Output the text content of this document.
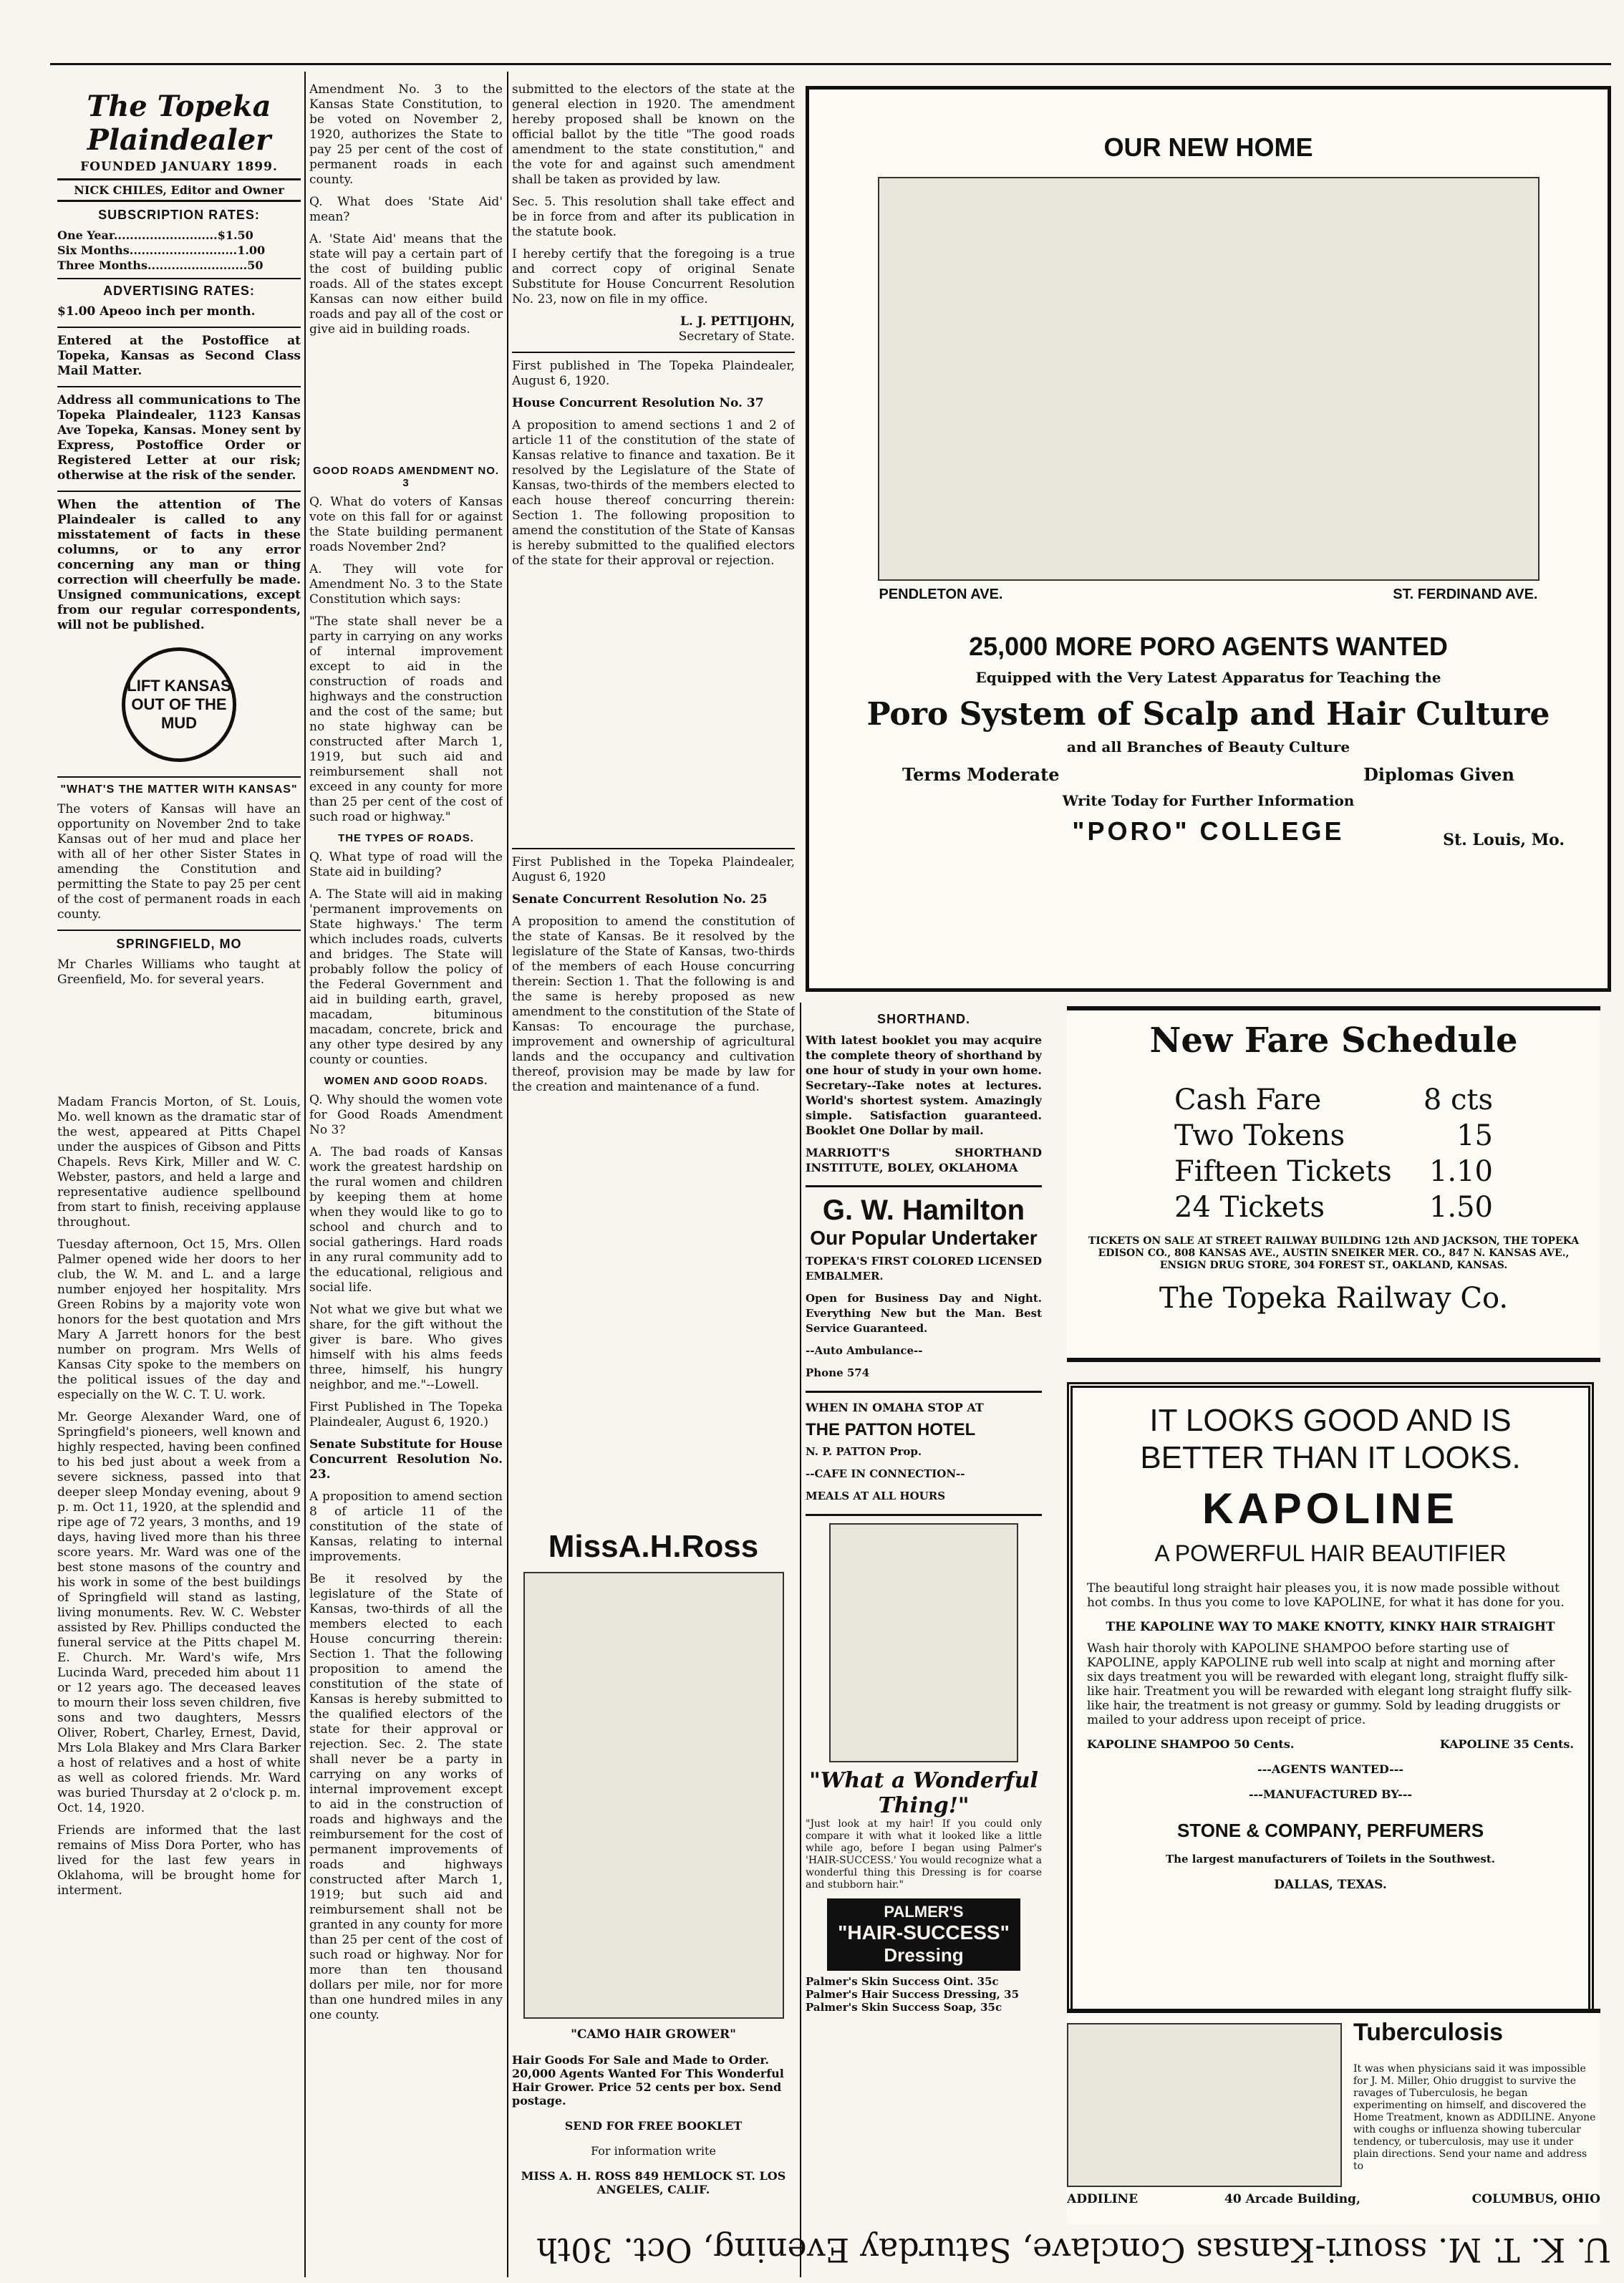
The Topeka Plaindealer
FOUNDED JANUARY 1899.
NICK CHILES, Editor and Owner
SUBSCRIPTION RATES:
One Year..........................$1.50
Six Months...........................1.00
Three Months.........................50
ADVERTISING RATES:

$1.00 Apeoo inch per month.

Entered at the Postoffice at Topeka, Kansas as Second Class Mail Matter.

Address all communications to The Topeka Plaindealer, 1123 Kansas Ave Topeka, Kansas. Money sent by Express, Postoffice Order or Registered Letter at our risk; otherwise at the risk of the sender.

When the attention of The Plaindealer is called to any misstatement of facts in these columns, or to any error concerning any man or thing correction will cheerfully be made. Unsigned communications, except from our regular correspondents, will not be published.

LIFT KANSAS OUT OF THE MUD
"WHAT'S THE MATTER WITH KANSAS"

The voters of Kansas will have an opportunity on November 2nd to take Kansas out of her mud and place her with all of her other Sister States in amending the Constitution and permitting the State to pay 25 per cent of the cost of permanent roads in each county.

SPRINGFIELD, MO

Mr Charles Williams who taught at Greenfield, Mo. for several years.

Madam Francis Morton, of St. Louis, Mo. well known as the dramatic star of the west, appeared at Pitts Chapel under the auspices of Gibson and Pitts Chapels. Revs Kirk, Miller and W. C. Webster, pastors, and held a large and representative audience spellbound from start to finish, receiving applause throughout.

Tuesday afternoon, Oct 15, Mrs. Ollen Palmer opened wide her doors to her club, the W. M. and L. and a large number enjoyed her hospitality. Mrs Green Robins by a majority vote won honors for the best quotation and Mrs Mary A Jarrett honors for the best number on program. Mrs Wells of Kansas City spoke to the members on the political issues of the day and especially on the W. C. T. U. work.

Mr. George Alexander Ward, one of Springfield's pioneers, well known and highly respected, having been confined to his bed just about a week from a severe sickness, passed into that deeper sleep Monday evening, about 9 p. m. Oct 11, 1920, at the splendid and ripe age of 72 years, 3 months, and 19 days, having lived more than his three score years. Mr. Ward was one of the best stone masons of the country and his work in some of the best buildings of Springfield will stand as lasting, living monuments. Rev. W. C. Webster assisted by Rev. Phillips conducted the funeral service at the Pitts chapel M. E. Church. Mr. Ward's wife, Mrs Lucinda Ward, preceded him about 11 or 12 years ago. The deceased leaves to mourn their loss seven children, five sons and two daughters, Messrs Oliver, Robert, Charley, Ernest, David, Mrs Lola Blakey and Mrs Clara Barker a host of relatives and a host of white as well as colored friends. Mr. Ward was buried Thursday at 2 o'clock p. m. Oct. 14, 1920.

Friends are informed that the last remains of Miss Dora Porter, who has lived for the last few years in Oklahoma, will be brought home for interment.

Amendment No. 3 to the Kansas State Constitution, to be voted on November 2, 1920, authorizes the State to pay 25 per cent of the cost of permanent roads in each county.

Q. What does 'State Aid' mean?

A. 'State Aid' means that the state will pay a certain part of the cost of building public roads. All of the states except Kansas can now either build roads and pay all of the cost or give aid in building roads.

GOOD ROADS AMENDMENT NO. 3

Q. What do voters of Kansas vote on this fall for or against the State building permanent roads November 2nd?

A. They will vote for Amendment No. 3 to the State Constitution which says:

"The state shall never be a party in carrying on any works of internal improvement except to aid in the construction of roads and highways and the construction and the cost of the same; but no state highway can be constructed after March 1, 1919, but such aid and reimbursement shall not exceed in any county for more than 25 per cent of the cost of such road or highway."

THE TYPES OF ROADS.

Q. What type of road will the State aid in building?

A. The State will aid in making 'permanent improvements on State highways.' The term which includes roads, culverts and bridges. The State will probably follow the policy of the Federal Government and aid in building earth, gravel, macadam, bituminous macadam, concrete, brick and any other type desired by any county or counties.

WOMEN AND GOOD ROADS.

Q. Why should the women vote for Good Roads Amendment No 3?

A. The bad roads of Kansas work the greatest hardship on the rural women and children by keeping them at home when they would like to go to school and church and to social gatherings. Hard roads in any rural community add to the educational, religious and social life.

Not what we give but what we share, for the gift without the giver is bare. Who gives himself with his alms feeds three, himself, his hungry neighbor, and me."--Lowell.

First Published in The Topeka Plaindealer, August 6, 1920.)

Senate Substitute for House Concurrent Resolution No. 23.

A proposition to amend section 8 of article 11 of the constitution of the state of Kansas, relating to internal improvements.

Be it resolved by the legislature of the State of Kansas, two-thirds of all the members elected to each House concurring therein: Section 1. That the following proposition to amend the constitution of the state of Kansas is hereby submitted to the qualified electors of the state for their approval or rejection. Sec. 2. The state shall never be a party in carrying on any works of internal improvement except to aid in the construction of roads and highways and the reimbursement for the cost of permanent improvements of roads and highways constructed after March 1, 1919; but such aid and reimbursement shall not be granted in any county for more than 25 per cent of the cost of such road or highway. Nor for more than ten thousand dollars per mile, nor for more than one hundred miles in any one county.

submitted to the electors of the state at the general election in 1920. The amendment hereby proposed shall be known on the official ballot by the title "The good roads amendment to the state constitution," and the vote for and against such amendment shall be taken as provided by law.

Sec. 5. This resolution shall take effect and be in force from and after its publication in the statute book.

I hereby certify that the foregoing is a true and correct copy of original Senate Substitute for House Concurrent Resolution No. 23, now on file in my office.

L. J. PETTIJOHN,

Secretary of State.

First published in The Topeka Plaindealer, August 6, 1920.

House Concurrent Resolution No. 37

A proposition to amend sections 1 and 2 of article 11 of the constitution of the state of Kansas relative to finance and taxation. Be it resolved by the Legislature of the State of Kansas, two-thirds of the members elected to each house thereof concurring therein: Section 1. The following proposition to amend the constitution of the State of Kansas is hereby submitted to the qualified electors of the state for their approval or rejection.

First Published in the Topeka Plaindealer, August 6, 1920

Senate Concurrent Resolution No. 25

A proposition to amend the constitution of the state of Kansas. Be it resolved by the legislature of the State of Kansas, two-thirds of the members of each House concurring therein: Section 1. That the following is and the same is hereby proposed as new amendment to the constitution of the State of Kansas: To encourage the purchase, improvement and ownership of agricultural lands and the occupancy and cultivation thereof, provision may be made by law for the creation and maintenance of a fund.

MissA.H.Ross

"CAMO HAIR GROWER"

Hair Goods For Sale and Made to Order. 20,000 Agents Wanted For This Wonderful Hair Grower. Price 52 cents per box. Send postage.

SEND FOR FREE BOOKLET

For information write

MISS A. H. ROSS 849 HEMLOCK ST. LOS ANGELES, CALIF.

OUR NEW HOME
PENDLETON AVE.	ST. FERDINAND AVE.
25,000 MORE PORO AGENTS WANTED
Equipped with the Very Latest Apparatus for Teaching the
Poro System of Scalp and Hair Culture
and all Branches of Beauty Culture
Terms Moderate	Diplomas Given
Write Today for Further Information
"PORO" COLLEGE	St. Louis, Mo.
SHORTHAND.

With latest booklet you may acquire the complete theory of shorthand by one hour of study in your own home. Secretary--Take notes at lectures. World's shortest system. Amazingly simple. Satisfaction guaranteed. Booklet One Dollar by mail.

MARRIOTT'S SHORTHAND INSTITUTE, BOLEY, OKLAHOMA

G. W. Hamilton
Our Popular Undertaker

TOPEKA'S FIRST COLORED LICENSED EMBALMER.

Open for Business Day and Night. Everything New but the Man. Best Service Guaranteed.

--Auto Ambulance--

Phone 574

WHEN IN OMAHA STOP AT

THE PATTON HOTEL

N. P. PATTON Prop.

--CAFE IN CONNECTION--

MEALS AT ALL HOURS

"What a Wonderful Thing!"

"Just look at my hair! If you could only compare it with what it looked like a little while ago, before I began using Palmer's 'HAIR-SUCCESS.' You would recognize what a wonderful thing this Dressing is for coarse and stubborn hair."

PALMER'S
"HAIR-SUCCESS"
Dressing
Palmer's Skin Success Oint. 35c
Palmer's Hair Success Dressing, 35
Palmer's Skin Success Soap, 35c
New Fare Schedule
Cash Fare	8 cts
Two Tokens	15
Fifteen Tickets 1.10
24 Tickets	1.50

TICKETS ON SALE AT STREET RAILWAY BUILDING 12th AND JACKSON, THE TOPEKA EDISON CO., 808 KANSAS AVE., AUSTIN SNEIKER MER. CO., 847 N. KANSAS AVE., ENSIGN DRUG STORE, 304 FOREST ST., OAKLAND, KANSAS.

The Topeka Railway Co.
IT LOOKS GOOD AND IS BETTER THAN IT LOOKS.
KAPOLINE
A POWERFUL HAIR BEAUTIFIER

The beautiful long straight hair pleases you, it is now made possible without hot combs. In thus you come to love KAPOLINE, for what it has done for you.

THE KAPOLINE WAY TO MAKE KNOTTY, KINKY HAIR STRAIGHT

Wash hair thoroly with KAPOLINE SHAMPOO before starting use of KAPOLINE, apply KAPOLINE rub well into scalp at night and morning after six days treatment you will be rewarded with elegant long, straight fluffy silk-like hair. Treatment you will be rewarded with elegant long straight fluffy silk-like hair, the treatment is not greasy or gummy. Sold by leading druggists or mailed to your address upon receipt of price.

KAPOLINE SHAMPOO 50 Cents.	KAPOLINE 35 Cents.

---AGENTS WANTED---

---MANUFACTURED BY---

STONE & COMPANY, PERFUMERS

The largest manufacturers of Toilets in the Southwest.

DALLAS, TEXAS.

Tuberculosis

It was when physicians said it was impossible for J. M. Miller, Ohio druggist to survive the ravages of Tuberculosis, he began experimenting on himself, and discovered the Home Treatment, known as ADDILINE. Anyone with coughs or influenza showing tubercular tendency, or tuberculosis, may use it under plain directions. Send your name and address to

ADDILINE	40 Arcade Building,	COLUMBUS, OHIO
U. K. T. M. ssouri-Kansas Conclave, Saturday Evening, Oct. 30th
